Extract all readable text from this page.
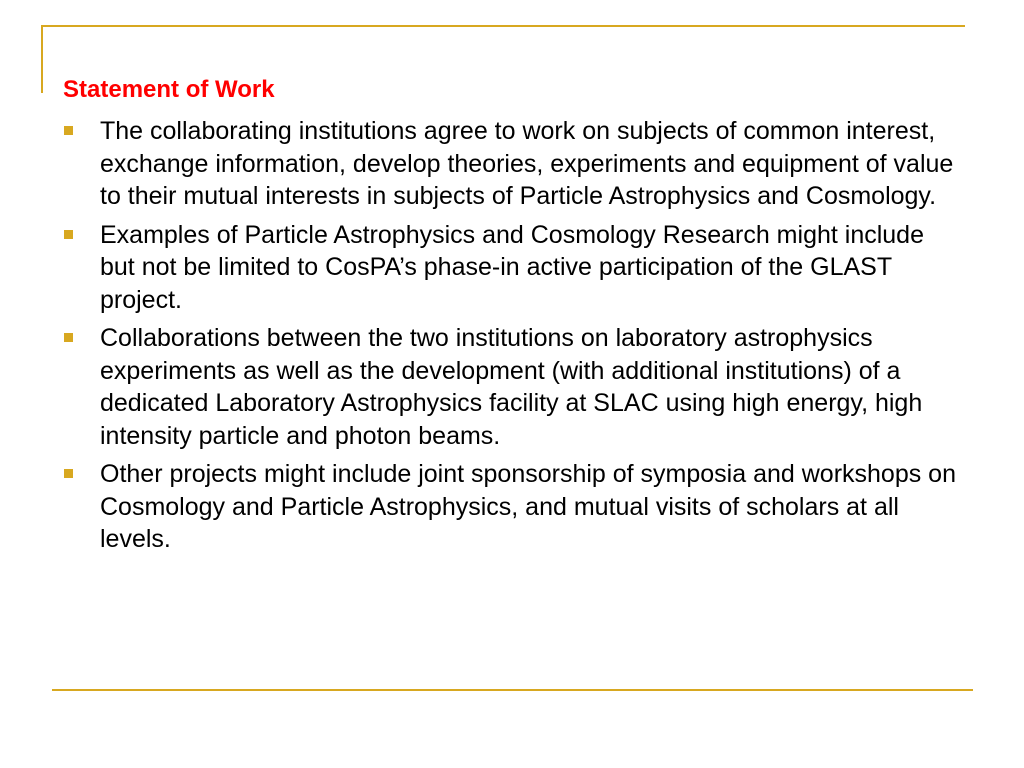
Statement of Work
The collaborating institutions agree to work on subjects of common interest, exchange information, develop theories, experiments and equipment of value to their mutual interests in subjects of Particle Astrophysics and Cosmology.
Examples of Particle Astrophysics and Cosmology Research might include but not be limited to CosPA’s phase-in active participation of the GLAST project.
Collaborations between the two institutions on laboratory astrophysics experiments as well as the development (with additional institutions) of a dedicated Laboratory Astrophysics facility at SLAC using high energy, high intensity particle and photon beams.
Other projects might include joint sponsorship of symposia and workshops on Cosmology and Particle Astrophysics, and mutual visits of scholars at all levels.
